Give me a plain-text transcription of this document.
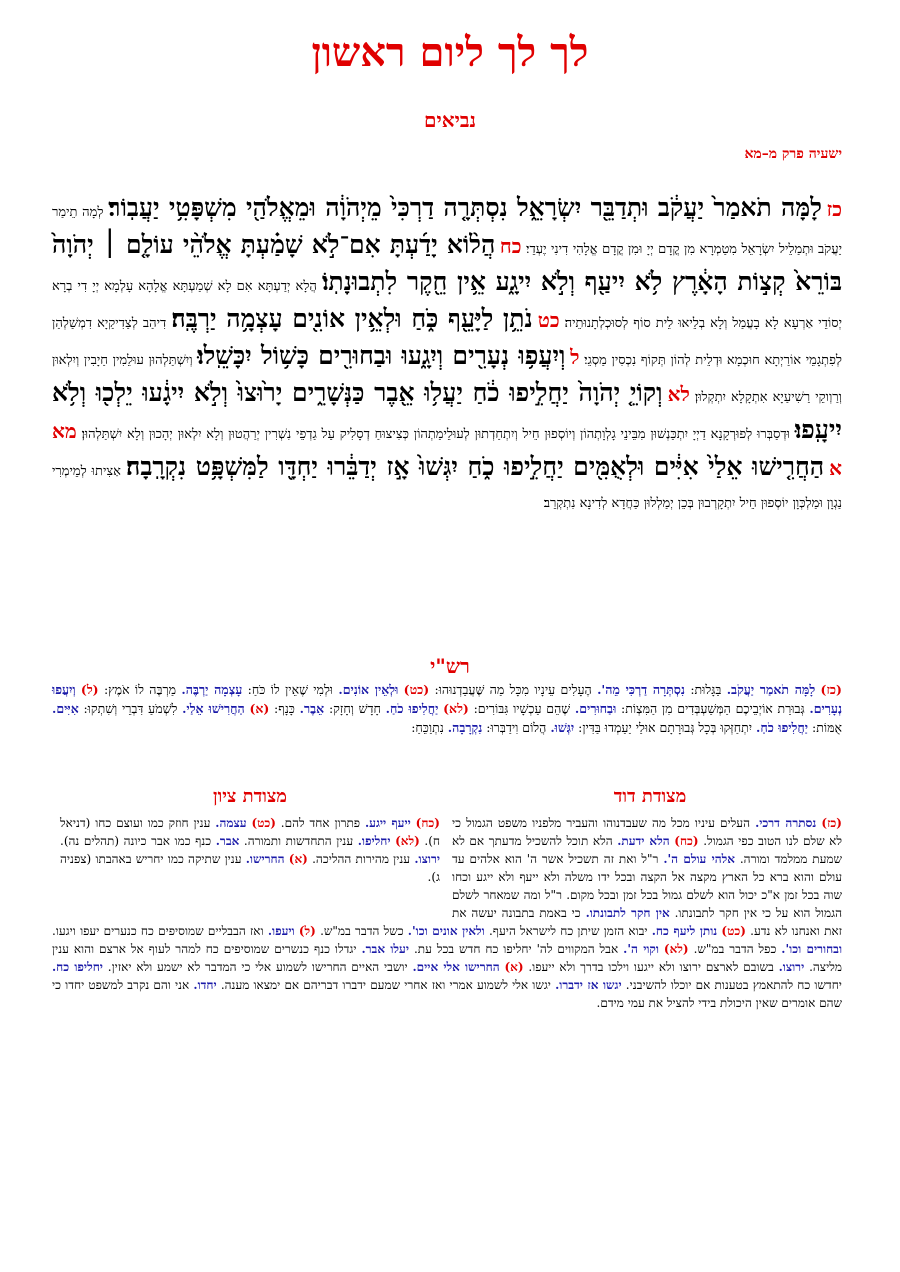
לך לך ליום ראשון
נביאים
ישעיה פרק מ–מא
כז לָמָּה תֹאמַר֙ יַעֲקֹ֔ב וּתְדַבֵּ֖ר יִשְׂרָאֵ֑ל נִסְתְּרָ֤ה דַרְכִּי֙ מֵיְהֹוָ֔ה וּמֵאֱלֹהַ֖י מִשְׁפָּטִ֥י יַעֲבֽוֹר׃ לְמָה תֵימַר יַעֲקֹב וּתְמַלֵיל יִשְׂרָאֵל מִטַמְרָא מִן קֳדָם יְיָ וּמִן קֳדָם אֱלָהִי דִינִי יֶעְדֵי׃ כח הֲל֨וֹא יָדַ֜עְתָּ אִם־לֹ֣א שָׁמַ֗עְתָּ אֱלֹהֵ֨י עוֹלָ֤ם ׀ יְהֹוָה֙ בּוֹרֵא֙ קְצ֣וֹת הָאָ֔רֶץ לֹ֥א יִיעַ֖ף וְלֹ֣א יִיגָ֑ע אֵ֥ין חֵ֖קֶר לִתְבוּנָתֽוֹ׃ הֲלָא יְדַעְתָּא אִם לָא שְׁמַעְתָּא אֱלָהָא עָלְמָא יְיָ דִי בְרָא יְסוֹדֵי אַרְעָא לָא בָעֲמַל וְלָא בְלֵיאוּ לֵית סוֹף לְסוּכְלְתָנוּתֵיה׃ כט נֹתֵ֥ן לַיָּעֵ֖ף כֹּ֑חַ וּלְאֵ֥ין אוֹנִ֖ים עָצְמָ֥ה יַרְבֶּֽה׃ דִיהַב לְצַדִיקַיָא דִמְשַׁלְהַן לְפִתְגָמֵי אוֹרַיְתָא חוּכְמָא וּדְלֵית לְהוֹן תְּקוֹף נִכְסִין מַסְגֵי׃ ל וְיִעֲפ֥וּ נְעָרִ֖ים וְיִגָ֑עוּ וּבַחוּרִ֖ים כָּשׁ֥וֹל יִכָּשֵֽׁלוּ׃ וְיִשְׁתַּלְהוּן עוּלֵמִין חַיָבִין וְיִלְאוּן וְרַוְוקֵי רַשִׁיעַיָא אִתְקָלָא יִתְקְלוּן׃ לא וְקוֹיֵ֤ יְהֹוָה֙ יַחֲלִ֣יפוּ כֹ֔חַ יַעֲל֥וּ אֵ֖בֶר כַּנְּשָׁרִ֑ים יָר֙וּצוּ֙ וְלֹ֣א יִיגָ֔עוּ יֵלְכ֖וּ וְלֹ֥א יִיעָֽפוּ׃ וּדְסַבְּרוּ לְפוּרְקָנָא דַיְיָ יִתְכַּנְשׁוּן מִבֵּינֵי גָלְוָתְהוֹן וְיוֹסְפוּן חֵיל וְיִתְחַדְתוּן לְעוּלֵימַתְהוֹן כְּצִיצוּחַ דְסָלִיק עַל גַדְפֵי נִשְׁרִין יְרַהֲטוּן וְלָא יִלְאוּן יְהָכוּן וְלָא יִשְׁתַּלְהוּן׃ מא א הַחֲרִ֤ישׁוּ אֵלַי֙ אִיִּ֔ים וּלְאֻמִּ֖ים יַחֲלִ֣יפוּ כֹ֑חַ יִגְּשׁוּ֙ אָ֣ז יְדַבֵּ֔רוּ יַחְדָּ֖ו לַמִּשְׁפָּ֥ט נִקְרָֽבָה׃ אַצִיתוּ לְמֵימְרִי נַגְוָן וּמַלְכְּוָן יוֹסְפוּן חֵיל יִתְקָרְבוּן בְּכֵן יְמַלְלוּן כַּחֲדָא לְדִינָא נִתְקְרֵב׃
רש"י
(כז) לָמָּה תֹאמַר יַעֲקֹב. בַּגָּלוּת: נִסְתְּרָה דַרְכִּי מֵה'. הֶעָלִים עֵינָיו מִכָּל מַה שֶּׁעֲבַדְנוּהוּ: (כט) וּלְאֵין אוֹנִים. וּלְמִי שֶׁאֵין לוֹ כֹּחַ: עָצְמָה יַרְבֶּה. מַרְבֶּה לוֹ אֹמֶץ: (ל) וְיִעֲפוּ נְעָרִים. גְּבוּרַת אוֹיְבֵיכֶם הַמְּשַׁעְבְּדִים מִן הַמִּצְוֹת: וּבַחוּרִים. שֶׁהֵם עַכְשָׁיו גִּבּוֹרִים: (לא) יַחֲלִיפוּ כֹחַ. חָדָשׁ וְחָזָק: אֵבֶר. כָּנָף: (א) הַחֲרִישׁוּ אֵלַי. לִשְׁמֹעַ דִּבְרֵי וְשִׁתְקוּ: אִיִּים. אֻמּוֹת: יַחֲלִיפוּ כֹחַ. יִתְחַזְּקוּ בְּכָל גְּבוּרָתָם אוּלַי יַעַמְדוּ בַּדִּין: יִגְּשׁוּ. הֲלוֹם וִידַבְּרוּ: נִקְרָבָה. נִתְוַכֵּחַ:
מצודת דוד
מצודת ציון
(כח) ייעף ייגע. פתרון אחד להם. (כט) עצמה. ענין חוזק כמו ועוצם כחו (דניאל ח). (לא) יחליפו. ענין התחדשות ותמורה. אבר. כנף כמו אבר כיונה (תהלים נה). ירוצו. ענין מהירות ההליכה. (א) החרישו. ענין שתיקה כמו יחריש באהבתו (צפניה ג).
(כז) נסתרה דרכי. העלים עיניו מכל מה שעבדנוהו והעביר מלפניו משפט הגמול כי לא שלם לנו הטוב כפי הגמול. (כח) הלא ידעת. הלא תוכל להשכיל מדעתך אם לא שמעת ממלמד ומורה. אלהי עולם ה'. ר"ל ואת זה תשכיל אשר ה' הוא אלהים עד עולם והוא ברא כל הארץ מקצה אל הקצה ובכל ידו משלה ולא ייעף ולא ייגע וכחו שוה בכל זמן א"כ יכול הוא לשלם גמול בכל זמן ובכל מקום. ר"ל ומה שמאחר לשלם הגמול הוא על כי אין חקר לתבונתו. אין חקר לתבונתו. כי באמת בתבונה יעשה את זאת ואנחנו לא נדע. (כט) נותן ליעף כח. יבוא הזמן שיתן כח לישראל היעף. ולאין אונים וכו'. כשל הדבר במ"ש. (ל) ויעפו. ואז הבבליים שמוסיפים כח כנערים יעפו ויגעו. ובחורים וכו'. כפל הדבר במ"ש. (לא) וקוי ה'. אבל המקווים לה' יחליפו כח חדש בכל עת. יעלו אבר. יגדלו כנף כנשרים שמוסיפים כח למהר לעוף אל ארצם והוא ענין מליצה. ירוצו. בשובם לארצם ירוצו ולא ייגעו וילכו בדרך ולא ייעפו. (א) החרישו אלי איים. יושבי האיים החרישו לשמוע אלי כי המדבר לא ישמע ולא יאזין. יחליפו כח. יחדשו כח להתאמץ בטענות אם יוכלו להשיבני. יגשו אז ידברו. יגשו אלי לשמוע אמרי ואז אחרי שמעם ידברו דבריהם אם ימצאו מענה. יחדו. אני והם נקרב למשפט יחדו כי שהם אומרים שאין היכולת בידי להציל את עמי מידם.
